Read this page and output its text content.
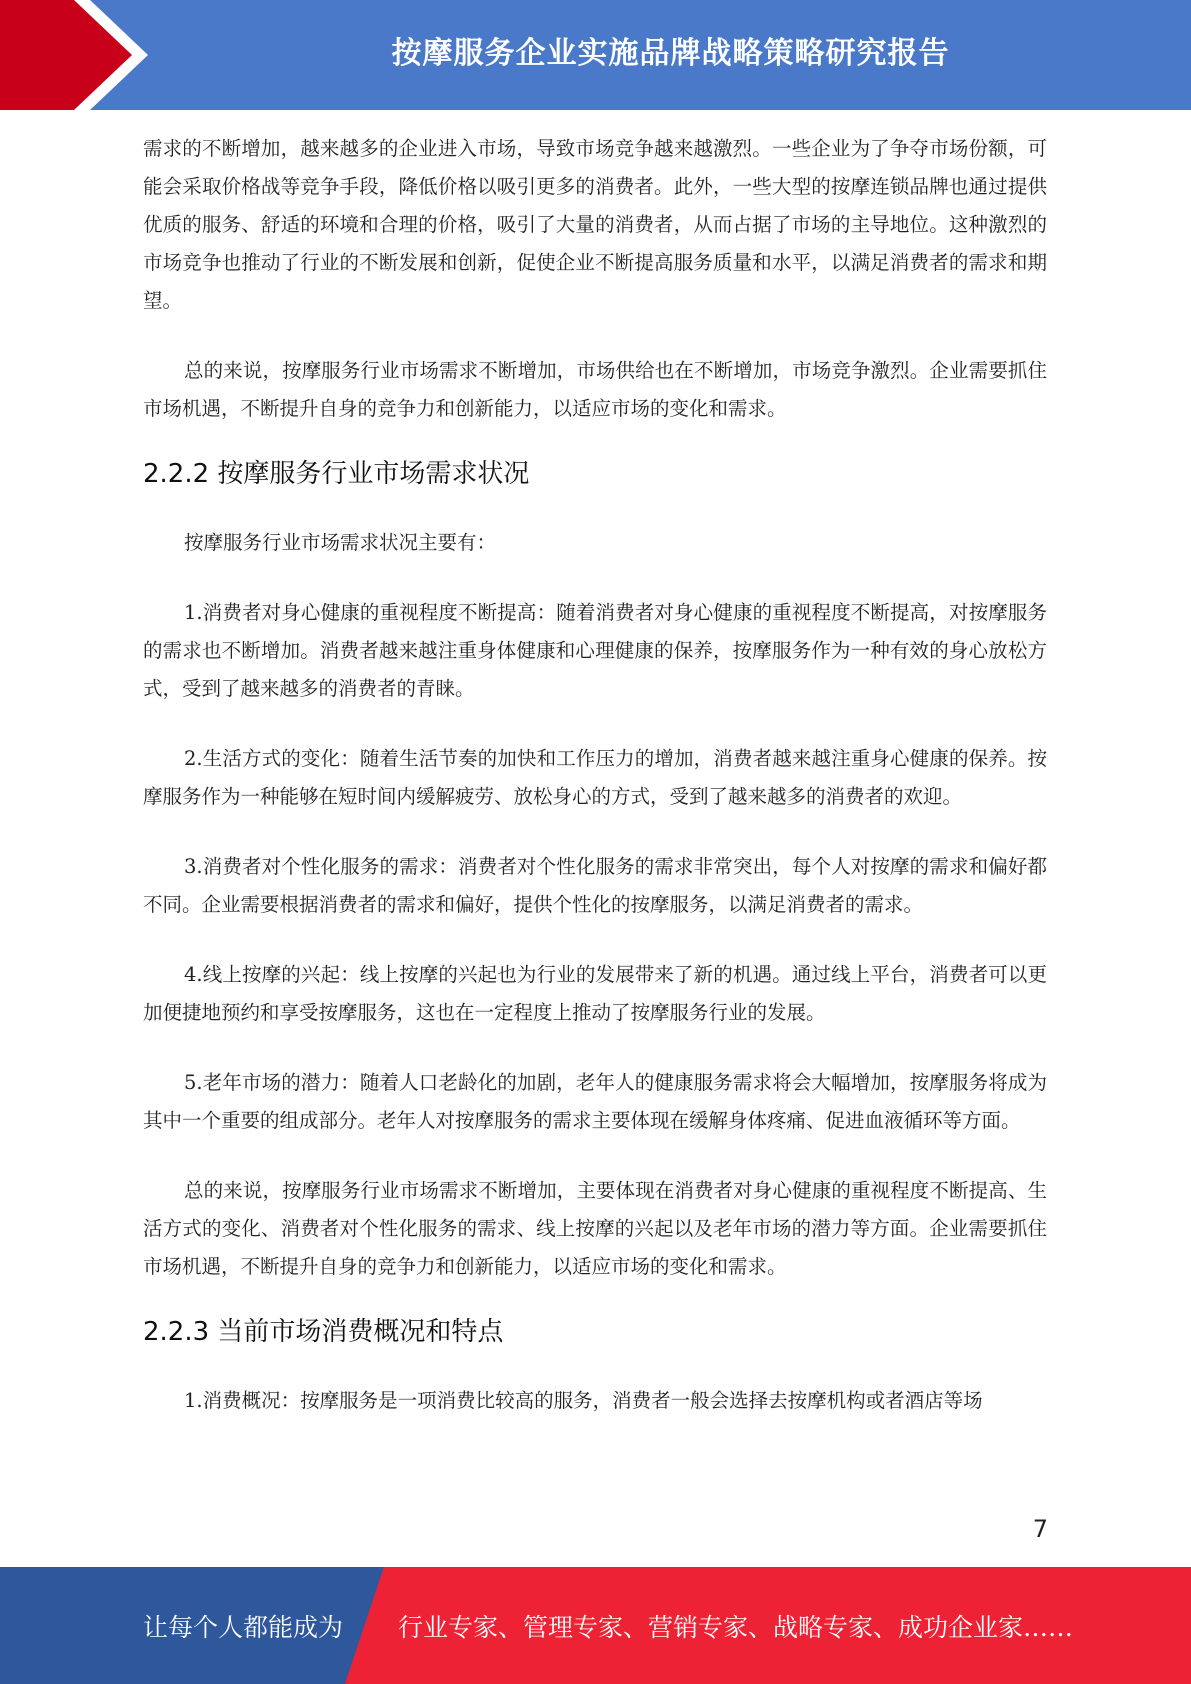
按摩服务企业实施品牌战略策略研究报告

需求的不断增加，越来越多的企业进入市场，导致市场竞争越来越激烈。一些企业为了争夺市场份额，可能会采取价格战等竞争手段，降低价格以吸引更多的消费者。此外，一些大型的按摩连锁品牌也通过提供优质的服务、舒适的环境和合理的价格，吸引了大量的消费者，从而占据了市场的主导地位。这种激烈的市场竞争也推动了行业的不断发展和创新，促使企业不断提高服务质量和水平，以满足消费者的需求和期望。

总的来说，按摩服务行业市场需求不断增加，市场供给也在不断增加，市场竞争激烈。企业需要抓住市场机遇，不断提升自身的竞争力和创新能力，以适应市场的变化和需求。

2.2.2 按摩服务行业市场需求状况

按摩服务行业市场需求状况主要有：

1.消费者对身心健康的重视程度不断提高：随着消费者对身心健康的重视程度不断提高，对按摩服务的需求也不断增加。消费者越来越注重身体健康和心理健康的保养，按摩服务作为一种有效的身心放松方式，受到了越来越多的消费者的青睐。

2.生活方式的变化：随着生活节奏的加快和工作压力的增加，消费者越来越注重身心健康的保养。按摩服务作为一种能够在短时间内缓解疲劳、放松身心的方式，受到了越来越多的消费者的欢迎。

3.消费者对个性化服务的需求：消费者对个性化服务的需求非常突出，每个人对按摩的需求和偏好都不同。企业需要根据消费者的需求和偏好，提供个性化的按摩服务，以满足消费者的需求。

4.线上按摩的兴起：线上按摩的兴起也为行业的发展带来了新的机遇。通过线上平台，消费者可以更加便捷地预约和享受按摩服务，这也在一定程度上推动了按摩服务行业的发展。

5.老年市场的潜力：随着人口老龄化的加剧，老年人的健康服务需求将会大幅增加，按摩服务将成为其中一个重要的组成部分。老年人对按摩服务的需求主要体现在缓解身体疼痛、促进血液循环等方面。

总的来说，按摩服务行业市场需求不断增加，主要体现在消费者对身心健康的重视程度不断提高、生活方式的变化、消费者对个性化服务的需求、线上按摩的兴起以及老年市场的潜力等方面。企业需要抓住市场机遇，不断提升自身的竞争力和创新能力，以适应市场的变化和需求。

2.2.3 当前市场消费概况和特点

1.消费概况：按摩服务是一项消费比较高的服务，消费者一般会选择去按摩机构或者酒店等场

7
让每个人都能成为 行业专家、管理专家、营销专家、战略专家、成功企业家……
